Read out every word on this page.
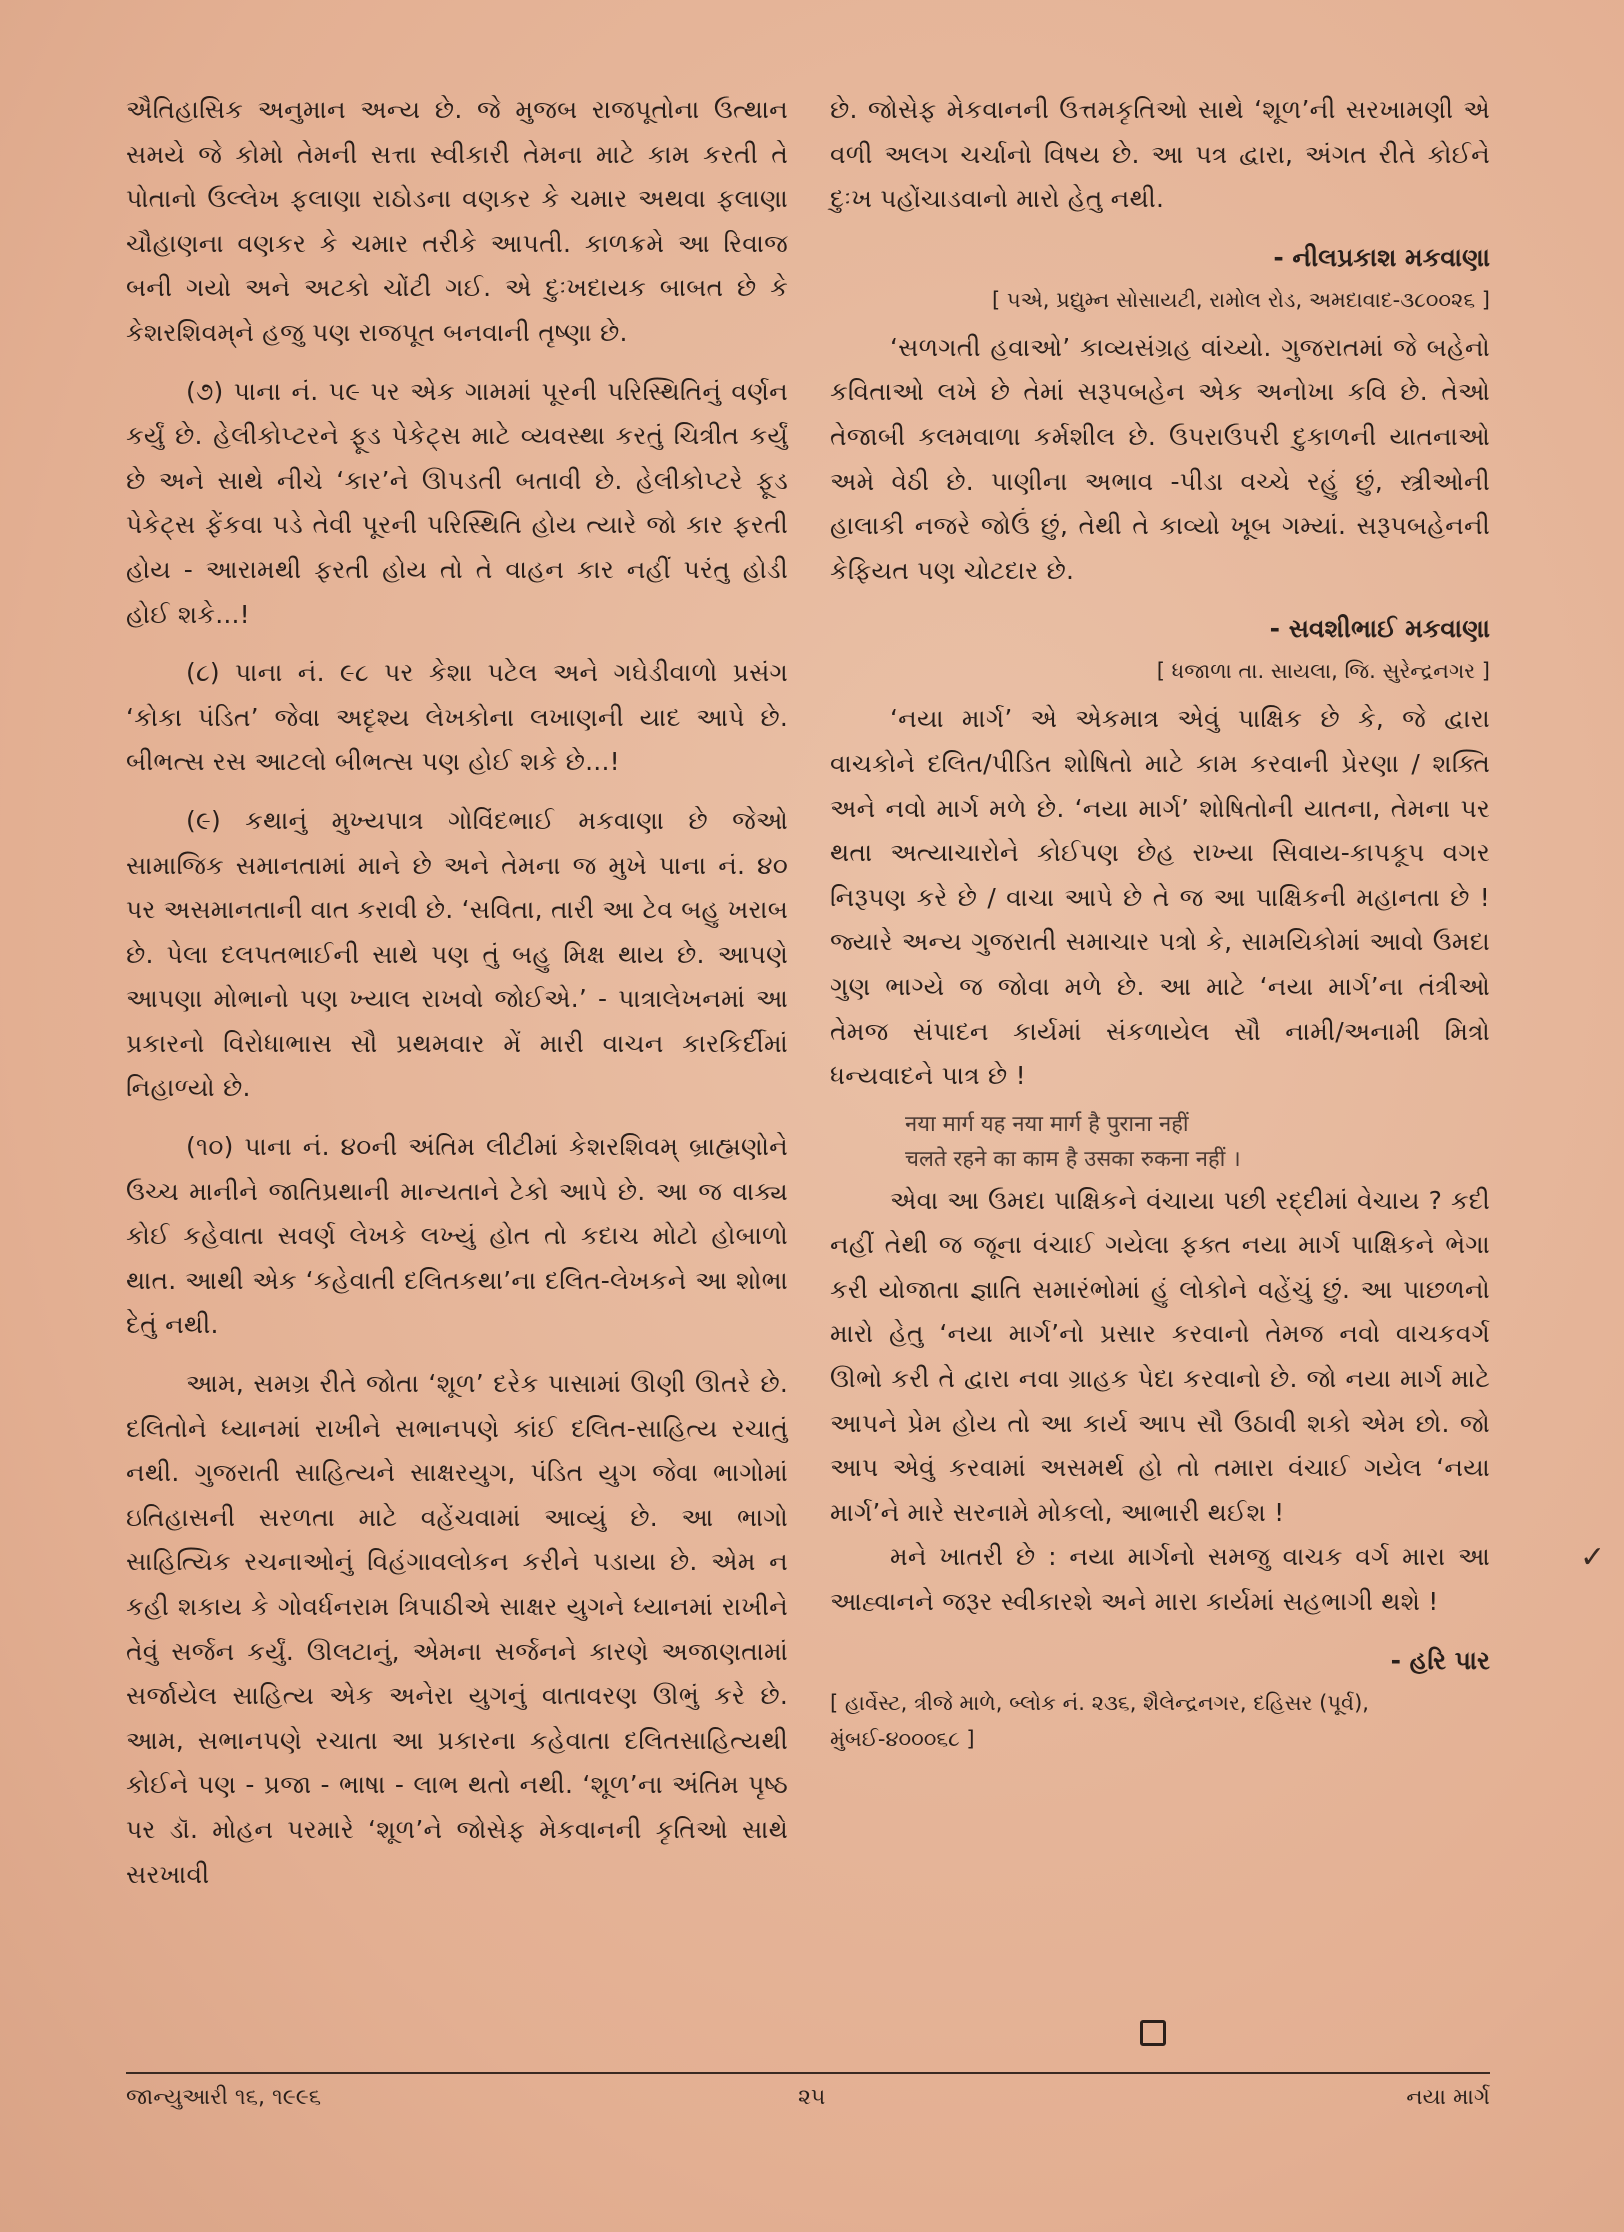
ઐતિહાસિક અનુમાન અન્ય છે. જે મુજબ રાજપૂતોના ઉત્થાન સમયે જે કોમો તેમની સત્તા સ્વીકારી તેમના માટે કામ કરતી તે પોતાનો ઉલ્લેખ ફલાણા રાઠોડના વણકર કે ચમાર અથવા ફલાણા ચૌહાણના વણકર કે ચમાર તરીકે આપતી. કાળક્રમે આ રિવાજ બની ગયો અને અટકો ચોંટી ગઈ. એ દુઃખદાયક બાબત છે કે કેશરશિવમ્‌ને હજુ પણ રાજપૂત બનવાની તૃષ્ણા છે.

(૭) પાના નં. ૫૯ પર એક ગામમાં પૂરની પરિસ્થિતિનું વર્ણન કર્યું છે. હેલીકોપ્ટરને ફૂડ પેકેટ્સ માટે વ્યવસ્થા કરતું ચિત્રીત કર્યું છે અને સાથે નીચે ‘કાર’ને ઊપડતી બતાવી છે. હેલીકોપ્ટરે ફૂડ પેકેટ્સ ફેંકવા પડે તેવી પૂરની પરિસ્થિતિ હોય ત્યારે જો કાર ફરતી હોય - આરામથી ફરતી હોય તો તે વાહન કાર નહીં પરંતુ હોડી હોઈ શકે...!

(૮) પાના નં. ૯૮ પર કેશા પટેલ અને ગઘેડીવાળો પ્રસંગ ‘કોકા પંડિત’ જેવા અદૃશ્ય લેખકોના લખાણની યાદ આપે છે. બીભત્સ રસ આટલો બીભત્સ પણ હોઈ શકે છે...!

(૯) કથાનું મુખ્યપાત્ર ગોવિંદભાઈ મકવાણા છે જેઓ સામાજિક સમાનતામાં માને છે અને તેમના જ મુખે પાના નં. ૪૦ પર અસમાનતાની વાત કરાવી છે. ‘સવિતા, તારી આ ટેવ બહુ ખરાબ છે. પેલા દલપતભાઈની સાથે પણ તું બહુ મિક્ષ થાય છે. આપણે આપણા મોભાનો પણ ખ્યાલ રાખવો જોઈએ.’ - પાત્રાલેખનમાં આ પ્રકારનો વિરોધાભાસ સૌ પ્રથમવાર મેં મારી વાચન કારકિર્દીમાં નિહાળ્યો છે.

(૧૦) પાના નં. ૪૦ની અંતિમ લીટીમાં કેશરશિવમ્‌ બ્રાહ્મણોને ઉચ્ચ માનીને જાતિપ્રથાની માન્યતાને ટેકો આપે છે. આ જ વાક્ય કોઈ કહેવાતા સવર્ણ લેખકે લખ્યું હોત તો કદાચ મોટો હોબાળો થાત. આથી એક ‘કહેવાતી દલિતકથા’ના દલિત-લેખકને આ શોભા દેતું નથી.

આમ, સમગ્ર રીતે જોતા ‘શૂળ’ દરેક પાસામાં ઊણી ઊતરે છે. દલિતોને ધ્યાનમાં રાખીને સભાનપણે કાંઈ દલિત-સાહિત્ય રચાતું નથી. ગુજરાતી સાહિત્યને સાક્ષરયુગ, પંડિત યુગ જેવા ભાગોમાં ઇતિહાસની સરળતા માટે વહેંચવામાં આવ્યું છે. આ ભાગો સાહિત્યિક રચનાઓનું વિહંગાવલોકન કરીને પડાયા છે. એમ ન કહી શકાય કે ગોવર્ધનરામ ત્રિપાઠીએ સાક્ષર યુગને ધ્યાનમાં રાખીને તેવું સર્જન કર્યું. ઊલટાનું, એમના સર્જનને કારણે અજાણતામાં સર્જાયેલ સાહિત્ય એક અનેરા યુગનું વાતાવરણ ઊભું કરે છે. આમ, સભાનપણે રચાતા આ પ્રકારના કહેવાતા દલિતસાહિત્યથી કોઈને પણ - પ્રજા - ભાષા - લાભ થતો નથી. ‘શૂળ’ના અંતિમ પૃષ્ઠ પર ડૉ. મોહન પરમારે ‘શૂળ’ને જોસેફ મેકવાનની કૃતિઓ સાથે સરખાવી

છે. જોસેફ મેકવાનની ઉત્તમકૃતિઓ સાથે ‘શૂળ’ની સરખામણી એ વળી અલગ ચર્ચાનો વિષય છે. આ પત્ર દ્વારા, અંગત રીતે કોઈને દુઃખ પહોંચાડવાનો મારો હેતુ નથી.

- નીલપ્રકાશ મકવાણા
[ ૫એ, પ્રદ્યુમ્ન સોસાયટી, રામોલ રોડ, અમદાવાદ-૩૮૦૦૨૬ ]

‘સળગતી હવાઓ’ કાવ્યસંગ્રહ વાંચ્યો. ગુજરાતમાં જે બહેનો કવિતાઓ લખે છે તેમાં સરૂપબહેન એક અનોખા કવિ છે. તેઓ તેજાબી કલમવાળા કર્મશીલ છે. ઉપરાઉપરી દુકાળની યાતનાઓ અમે વેઠી છે. પાણીના અભાવ -પીડા વચ્ચે રહું છું, સ્ત્રીઓની હાલાકી નજરે જોઉં છું, તેથી તે કાવ્યો ખૂબ ગમ્યાં. સરૂપબહેનની કેફિયત પણ ચોટદાર છે.

- સવશીભાઈ મકવાણા
[ ધજાળા તા. સાયલા, જિ. સુરેન્દ્રનગર ]

‘નયા માર્ગ’ એ એકમાત્ર એવું પાક્ષિક છે કે, જે દ્વારા વાચકોને દલિત/પીડિત શોષિતો માટે કામ કરવાની પ્રેરણા / શક્તિ અને નવો માર્ગ મળે છે. ‘નયા માર્ગ’ શોષિતોની યાતના, તેમના પર થતા અત્યાચારોને કોઈપણ છેહ રાખ્યા સિવાય-કાપકૂપ વગર નિરૂપણ કરે છે / વાચા આપે છે તે જ આ પાક્ષિકની મહાનતા છે ! જ્યારે અન્ય ગુજરાતી સમાચાર પત્રો કે, સામયિકોમાં આવો ઉમદા ગુણ ભાગ્યે જ જોવા મળે છે. આ માટે ‘નયા માર્ગ’ના તંત્રીઓ તેમજ સંપાદન કાર્યમાં સંકળાયેલ સૌ નામી/અનામી મિત્રો ધન્યવાદને પાત્ર છે !

नया मार्ग यह नया मार्ग है पुराना नहीं
चलते रहने का काम है उसका रुकना नहीं ।

એવા આ ઉમદા પાક્ષિકને વંચાયા પછી રદ્દીમાં વેચાય ? કદી નહીં તેથી જ જૂના વંચાઈ ગયેલા ફક્ત નયા માર્ગ પાક્ષિકને ભેગા કરી યોજાતા જ્ઞાતિ સમારંભોમાં હું લોકોને વહેંચું છું. આ પાછળનો મારો હેતુ ‘નયા માર્ગ’નો પ્રસાર કરવાનો તેમજ નવો વાચકવર્ગ ઊભો કરી તે દ્વારા નવા ગ્રાહક પેદા કરવાનો છે. જો નયા માર્ગ માટે આપને પ્રેમ હોય તો આ કાર્ય આપ સૌ ઉઠાવી શકો એમ છો. જો આપ એવું કરવામાં અસમર્થ હો તો તમારા વંચાઈ ગયેલ ‘નયા માર્ગ’ને મારે સરનામે મોકલો, આભારી થઈશ !

મને ખાતરી છે : નયા માર્ગનો સમજુ વાચક વર્ગ મારા આ આહ્વાનને જરૂર સ્વીકારશે અને મારા કાર્યમાં સહભાગી થશે !

- હરિ પાર
[ હાર્વેસ્ટ, ત્રીજે માળે, બ્લોક નં. ૨૩૬, શૈલેન્દ્રનગર, દહિસર (પૂર્વ), મુંબઈ-૪૦૦૦૬૮ ]
✓
જાન્યુઆરી ૧૬, ૧૯૯૬	૨૫	નયા માર્ગ
